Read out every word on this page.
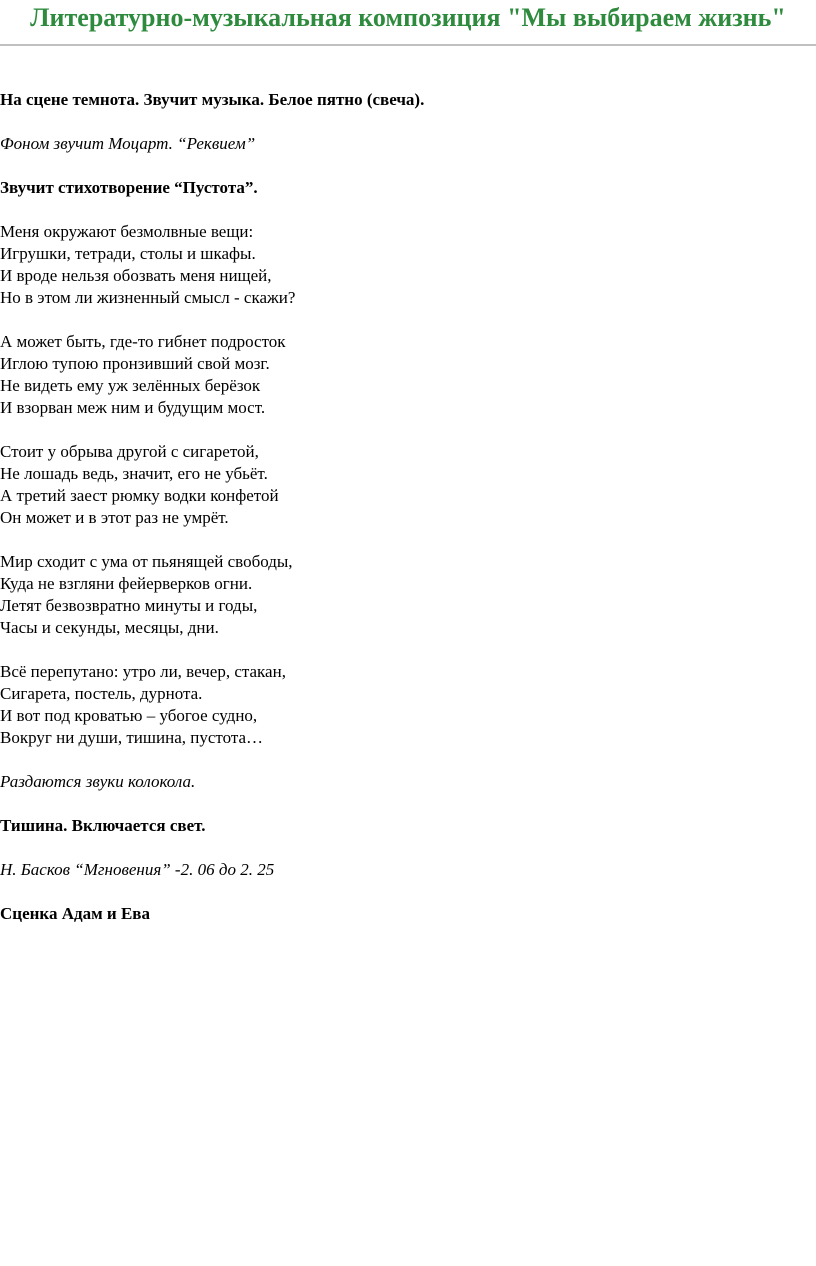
Литературно-музыкальная композиция "Мы выбираем жизнь"

На сцене темнота. Звучит музыка. Белое пятно (свеча).

Фоном звучит Моцарт. “Реквием”

Звучит стихотворение “Пустота”.

Меня окружают безмолвные вещи:
Игрушки, тетради, столы и шкафы.
И вроде нельзя обозвать меня нищей,
Но в этом ли жизненный смысл - скажи?
А может быть, где-то гибнет подросток
Иглою тупою пронзивший свой мозг.
Не видеть ему уж зелённых берёзок
И взорван меж ним и будущим мост.
Стоит у обрыва другой с сигаретой,
Не лошадь ведь, значит, его не убьёт.
А третий заест рюмку водки конфетой
Он может и в этот раз не умрёт.
Мир сходит с ума от пьянящей свободы,
Куда не взгляни фейерверков огни.
Летят безвозвратно минуты и годы,
Часы и секунды, месяцы, дни.
Всё перепутано: утро ли, вечер, стакан,
Сигарета, постель, дурнота.
И вот под кроватью – убогое судно,
Вокруг ни души, тишина, пустота…

Раздаются звуки колокола.

Тишина. Включается свет.

Н. Басков “Мгновения” -2. 06 до 2. 25

Сценка Адам и Ева
